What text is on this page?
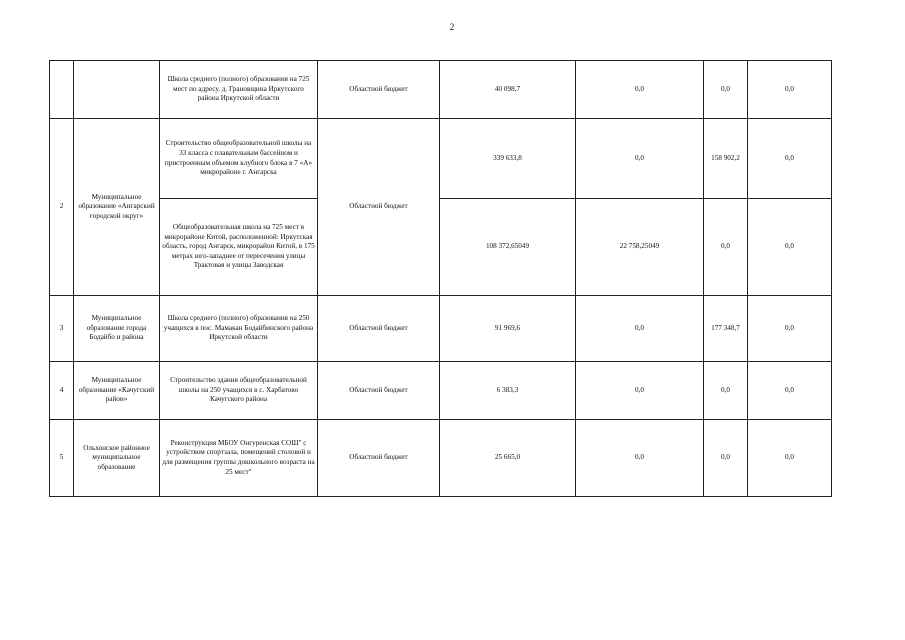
2
		Школа среднего (полного) образования на 725 мест по адресу. д. Грановщина Иркутского района Иркутской области	Областной бюджет	40 098,7	0,0	0,0	0,0
2	Муниципальное образование «Ангарский городской округ»	Строительство общеобразовательной школы на 33 класса с плавательным бассейном и пристроенным объемом клубного блока в 7 «А» микрорайоне г. Ангарска	Областной бюджет	339 633,8	0,0	158 902,2	0,0
		Общеобразовательная школа на 725 мест в микрорайоне Китой, расположенной: Иркутская область, город Ангарск, микрорайон Китой, в 175 метрах юго-западнее от пересечения улицы Трактовая и улицы Заводская		108 372,65049	22 758,25049	0,0	0,0
3	Муниципальное образование города Бодайбо и района	Школа среднего (полного) образования на 250 учащихся в пос. Мамакан Бодайбинского района Иркутской области	Областной бюджет	91 969,6	0,0	177 348,7	0,0
4	Муниципальное образование «Качугский район»	Строительство здания общеобразовательной школы на 250 учащихся в с. Харбатово Качугского района	Областной бюджет	6 383,3	0,0	0,0	0,0
5	Ольхонское районное муниципальное образование	Реконструкция МБОУ Онгуренская СОШ" с устройством спортзала, помещений столовой и для размещения группы дошкольного возраста на 25 мест"	Областной бюджет	25 665,0	0,0	0,0	0,0
